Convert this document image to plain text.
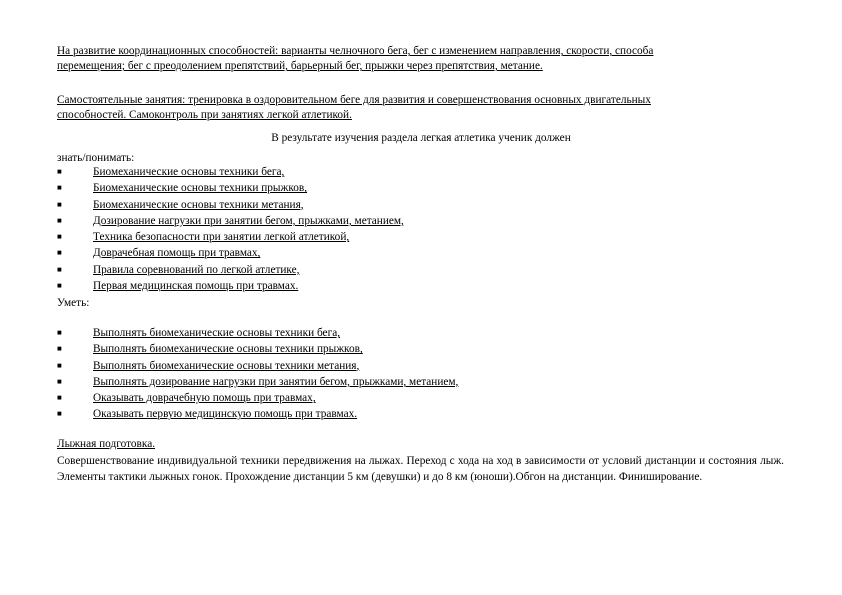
На развитие координационных способностей: варианты челночного бега, бег с изменением направления, скорости, способа
перемещения; бег с преодолением препятствий, барьерный бег, прыжки через препятствия, метание.
Самостоятельные занятия: тренировка в оздоровительном беге для развития и совершенствования основных двигательных
способностей. Самоконтроль при занятиях легкой атлетикой.
В результате изучения раздела легкая атлетика ученик должен
знать/понимать:
■	Биомеханические основы техники бега,
■	Биомеханические основы техники прыжков,
■	Биомеханические основы техники метания,
■	Дозирование нагрузки при занятии бегом, прыжками, метанием,
■	Техника безопасности при занятии легкой атлетикой,
■	Доврачебная помощь при травмах,
■	Правила соревнований по легкой атлетике,
■	Первая медицинская помощь при травмах.
Уметь:
■	Выполнять биомеханические основы техники бега,
■	Выполнять биомеханические основы техники прыжков,
■	Выполнять биомеханические основы техники метания,
■	Выполнять дозирование нагрузки при занятии бегом, прыжками, метанием,
■	Оказывать доврачебную помощь при травмах,
■	Оказывать первую медицинскую помощь при травмах.
Лыжная подготовка.
Совершенствование индивидуальной техники передвижения на лыжах. Переход с хода на ход в зависимости от условий дистанции и состояния лыж. Элементы тактики лыжных гонок. Прохождение дистанции 5 км (девушки) и до 8 км (юноши).Обгон на дистанции. Финиширование.
